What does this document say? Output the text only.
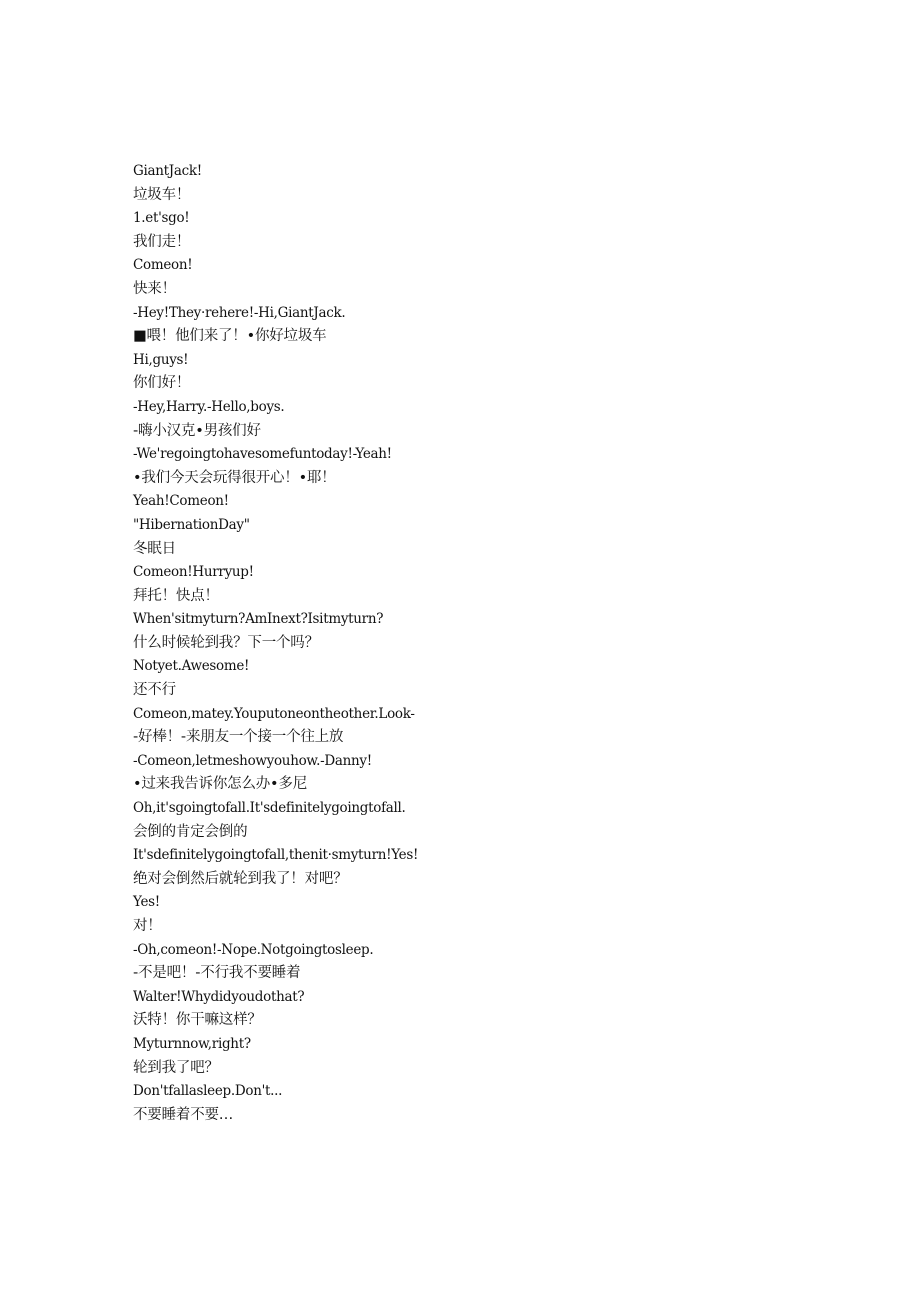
GiantJack!
垃圾车！
1.et'sgo!
我们走！
Comeon!
快来！
-Hey!They·rehere!-Hi,GiantJack.
■喂！他们来了！•你好垃圾车
Hi,guys!
你们好！
-Hey,Harry.-Hello,boys.
-嗨小汉克•男孩们好
-We'regoingtohavesomefuntoday!-Yeah!
•我们今天会玩得很开心！•耶！
Yeah!Comeon!
"HibernationDay"
冬眠日
Comeon!Hurryup!
拜托！快点！
When'sitmyturn?AmInext?Isitmyturn?
什么时候轮到我？下一个吗？
Notyet.Awesome!
还不行
Comeon,matey.Youputoneontheother.Look-
-好棒！-来朋友一个接一个往上放
-Comeon,letmeshowyouhow.-Danny!
•过来我告诉你怎么办•多尼
Oh,it'sgoingtofall.It'sdefinitelygoingtofall.
会倒的肯定会倒的
It'sdefinitelygoingtofall,thenit·smyturn!Yes!
绝对会倒然后就轮到我了！对吧？
Yes!
对！
-Oh,comeon!-Nope.Notgoingtosleep.
-不是吧！-不行我不要睡着
Walter!Whydidyoudothat?
沃特！你干嘛这样？
Myturnnow,right?
轮到我了吧？
Don'tfallasleep.Don't...
不要睡着不要…
